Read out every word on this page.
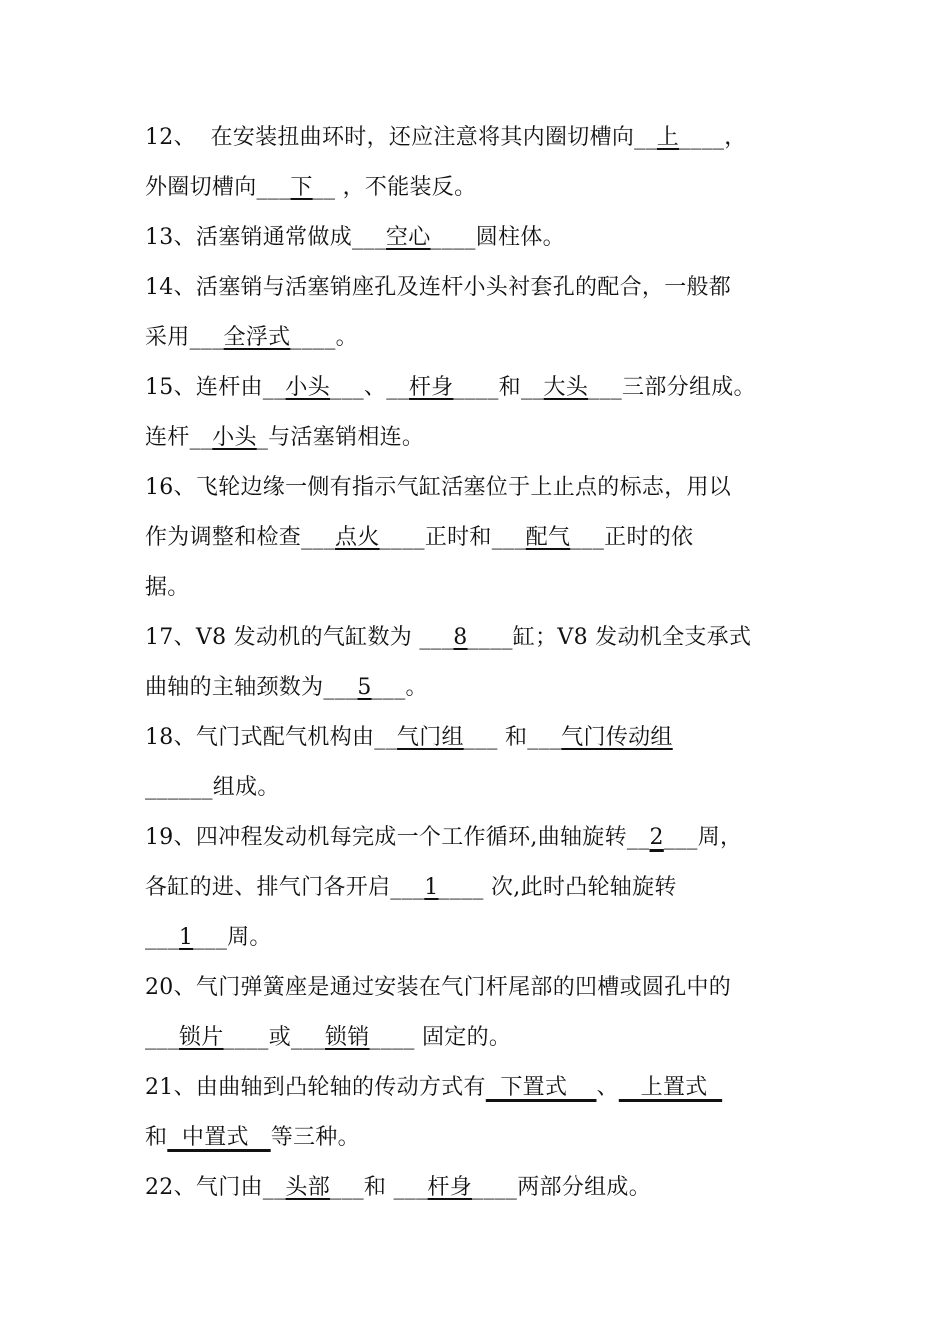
12、  在安装扭曲环时，还应注意将其内圈切槽向__上____，
外圈切槽向___下__ ，不能装反。
13、活塞销通常做成___空心____圆柱体。
14、活塞销与活塞销座孔及连杆小头衬套孔的配合，一般都
采用___全浮式____。
15、连杆由__小头___、__杆身____和__大头___三部分组成。
连杆__小头_与活塞销相连。
16、飞轮边缘一侧有指示气缸活塞位于上止点的标志，用以
作为调整和检查___点火____正时和___配气___正时的依
据。
17、V8 发动机的气缸数为 ___8____缸；V8 发动机全支承式
曲轴的主轴颈数为___5___。
18、气门式配气机构由__气门组___ 和___气门传动组
______组成。
19、四冲程发动机每完成一个工作循环,曲轴旋转__2___周，
各缸的进、排气门各开启___1____ 次,此时凸轮轴旋转
___1___周。
20、气门弹簧座是通过安装在气门杆尾部的凹槽或圆孔中的
___锁片____或___锁销____ 固定的。
21、由曲轴到凸轮轴的传动方式有  下置式    、   上置式
和  中置式   等三种。
22、气门由__头部___和 ___杆身____两部分组成。
